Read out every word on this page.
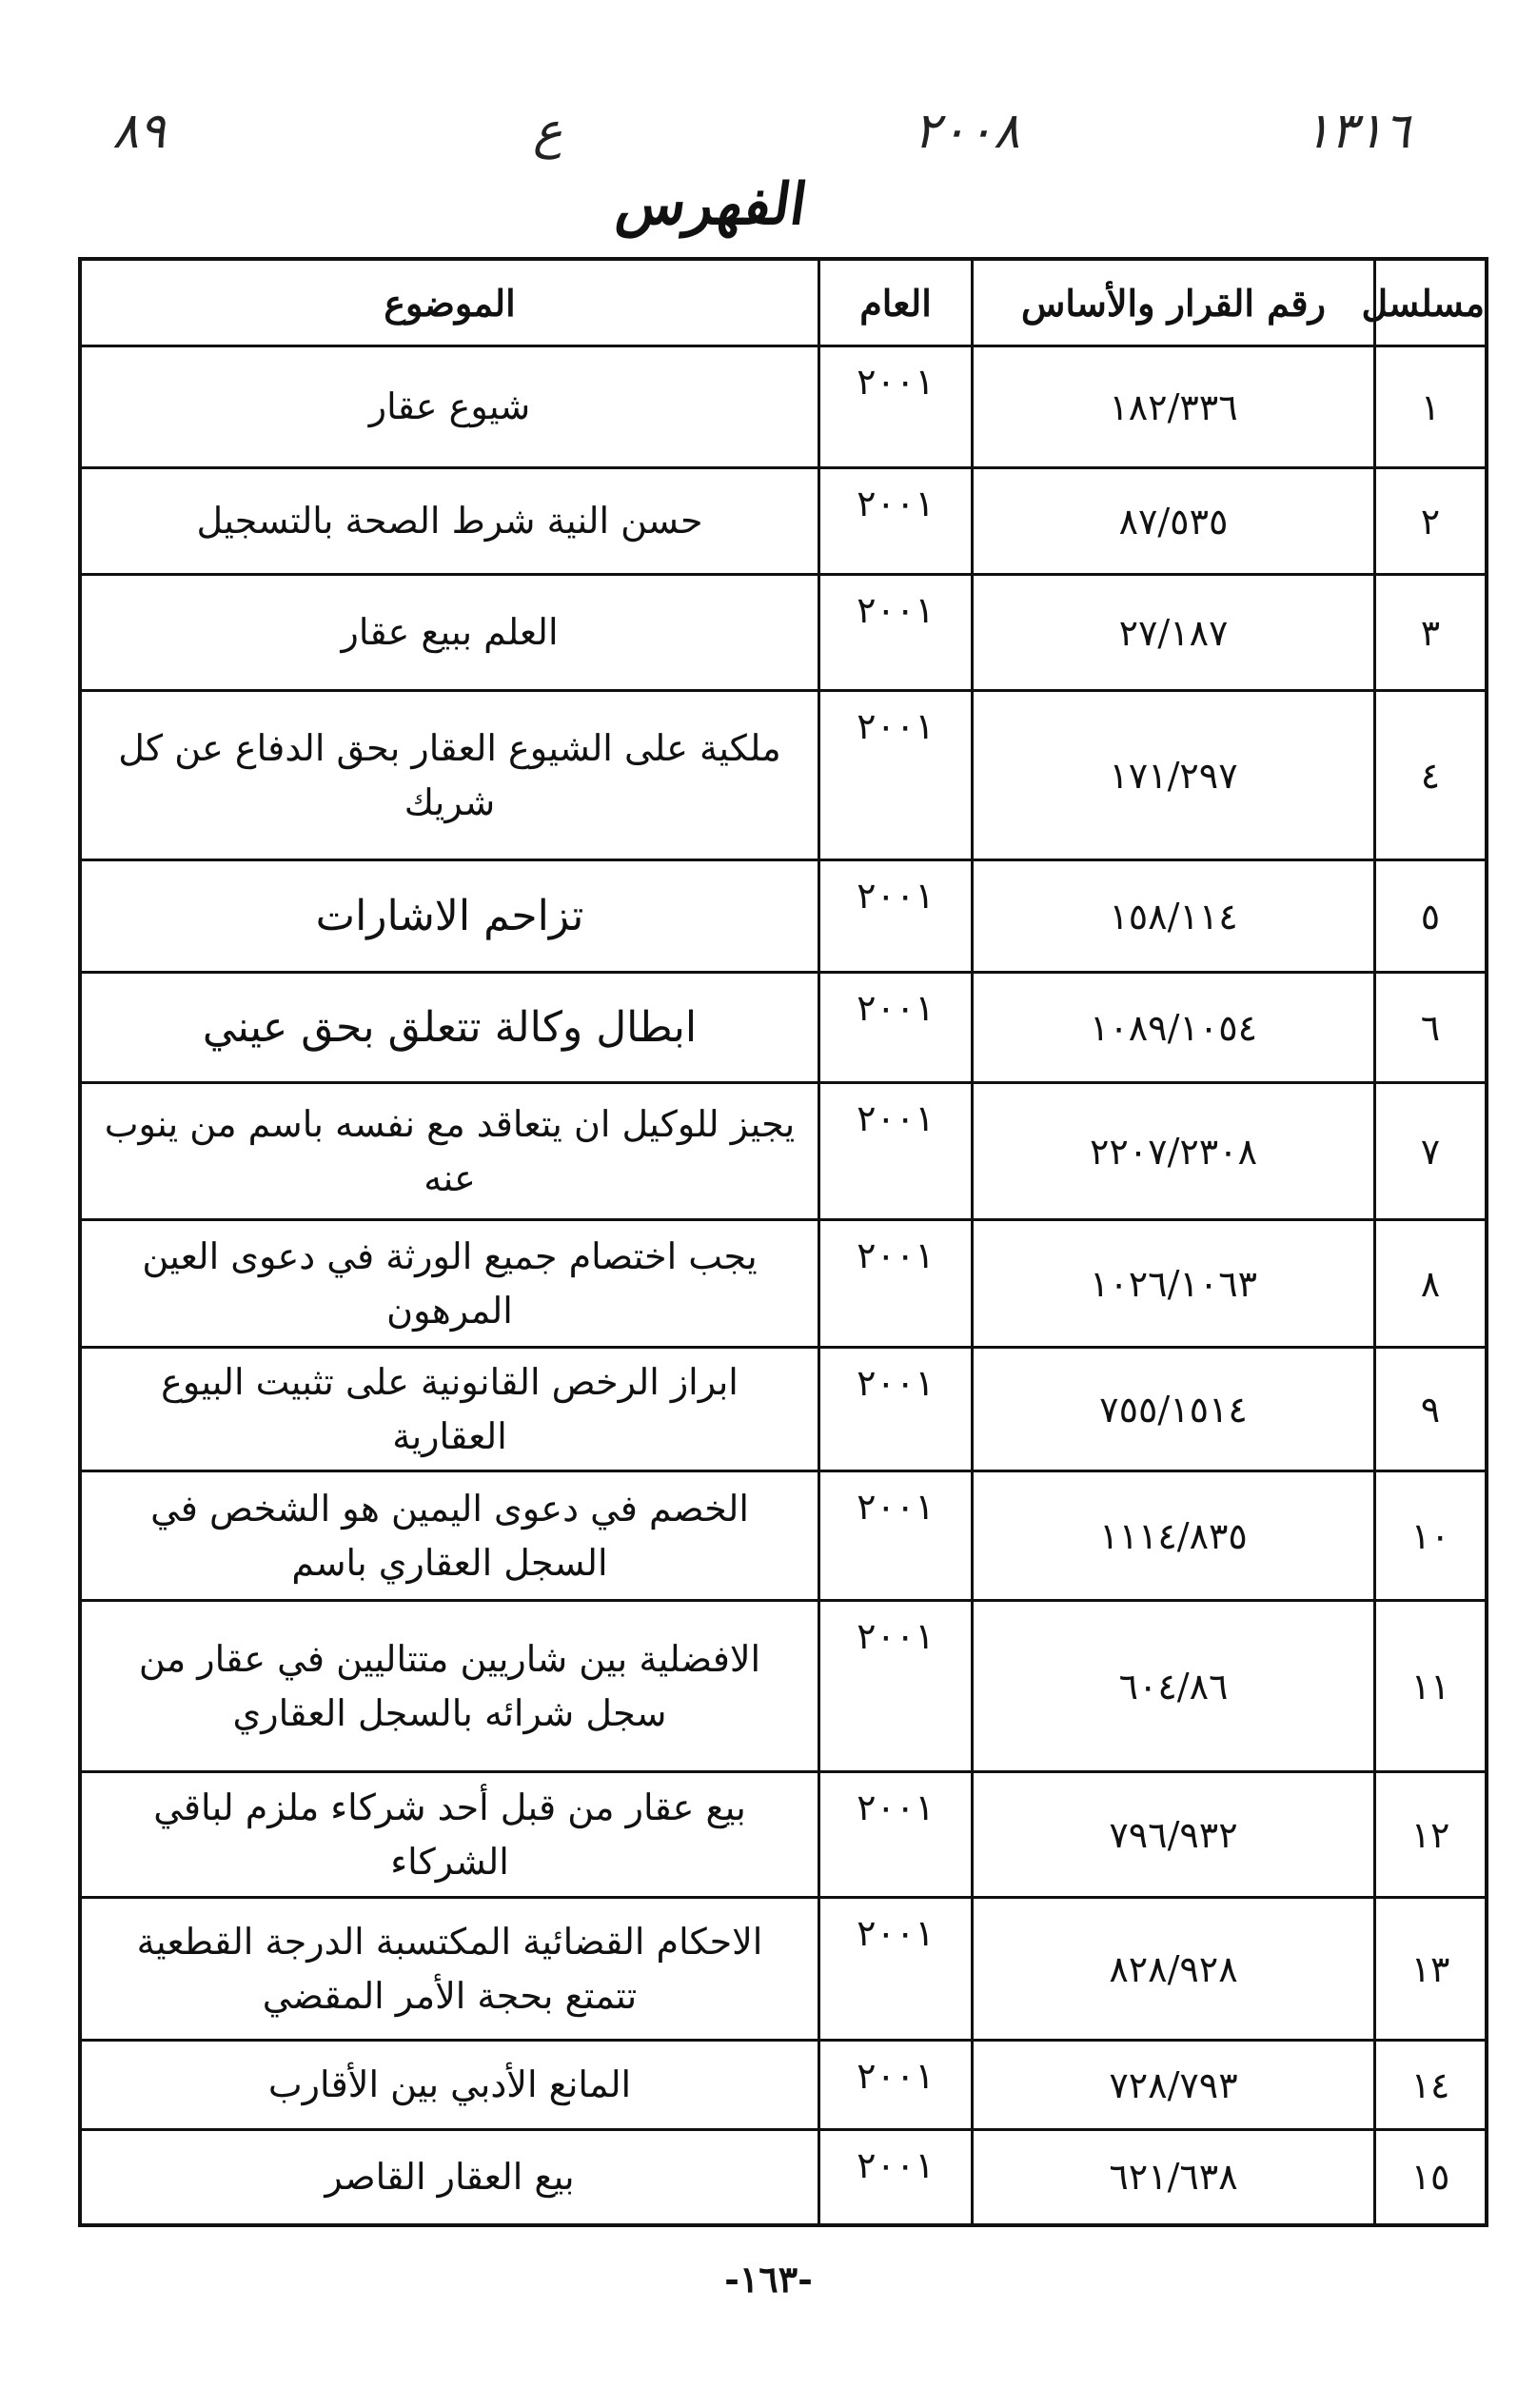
٨٩	ع	٢٠٠٨	١٣١٦
الفهرس
مسلسل	رقم القرار والأساس	العام	الموضوع
١	١٨٢/٣٣٦	٢٠٠١	شيوع عقار
٢	٨٧/٥٣٥	٢٠٠١	حسن النية شرط الصحة بالتسجيل
٣	٢٧/١٨٧	٢٠٠١	العلم ببيع عقار
٤	١٧١/٢٩٧	٢٠٠١	ملكية على الشيوع العقار بحق الدفاع عن كل شريك
٥	١٥٨/١١٤	٢٠٠١	تزاحم الاشارات
٦	١٠٨٩/١٠٥٤	٢٠٠١	ابطال وكالة تتعلق بحق عيني
٧	٢٢٠٧/٢٣٠٨	٢٠٠١	يجيز للوكيل ان يتعاقد مع نفسه باسم من ينوب عنه
٨	١٠٢٦/١٠٦٣	٢٠٠١	يجب اختصام جميع الورثة في دعوى العين المرهون
٩	٧٥٥/١٥١٤	٢٠٠١	ابراز الرخص القانونية على تثبيت البيوع العقارية
١٠	١١١٤/٨٣٥	٢٠٠١	الخصم في دعوى اليمين هو الشخص في السجل العقاري باسم
١١	٦٠٤/٨٦	٢٠٠١	الافضلية بين شاريين متتاليين في عقار من سجل شرائه بالسجل العقاري
١٢	٧٩٦/٩٣٢	٢٠٠١	بيع عقار من قبل أحد شركاء ملزم لباقي الشركاء
١٣	٨٢٨/٩٢٨	٢٠٠١	الاحكام القضائية المكتسبة الدرجة القطعية تتمتع بحجة الأمر المقضي
١٤	٧٢٨/٧٩٣	٢٠٠١	المانع الأدبي بين الأقارب
١٥	٦٢١/٦٣٨	٢٠٠١	بيع العقار القاصر
-١٦٣-
